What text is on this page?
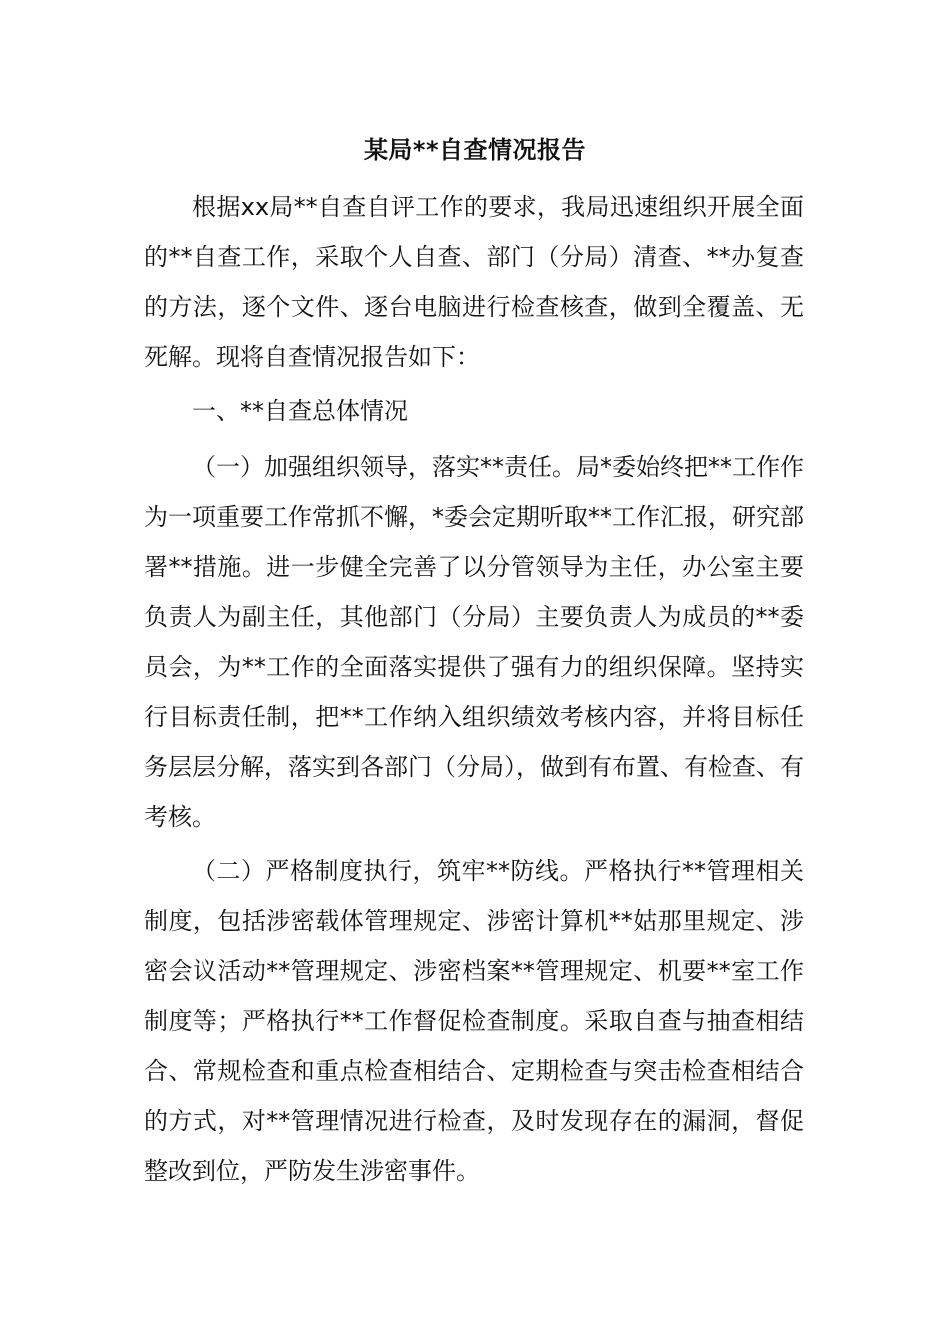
某局**自查情况报告

根据xx局**自查自评工作的要求，我局迅速组织开展全面的**自查工作，采取个人自查、部门（分局）清查、**办复查的方法，逐个文件、逐台电脑进行检查核查，做到全覆盖、无死解。现将自查情况报告如下：

一、**自查总体情况

（一）加强组织领导，落实**责任。局*委始终把**工作作为一项重要工作常抓不懈，*委会定期听取**工作汇报，研究部署**措施。进一步健全完善了以分管领导为主任，办公室主要负责人为副主任，其他部门（分局）主要负责人为成员的**委员会，为**工作的全面落实提供了强有力的组织保障。坚持实行目标责任制，把**工作纳入组织绩效考核内容，并将目标任务层层分解，落实到各部门（分局），做到有布置、有检查、有考核。

（二）严格制度执行，筑牢**防线。严格执行**管理相关制度，包括涉密载体管理规定、涉密计算机**姑那里规定、涉密会议活动**管理规定、涉密档案**管理规定、机要**室工作制度等；严格执行**工作督促检查制度。采取自查与抽查相结合、常规检查和重点检查相结合、定期检查与突击检查相结合的方式，对**管理情况进行检查，及时发现存在的漏洞，督促整改到位，严防发生涉密事件。
